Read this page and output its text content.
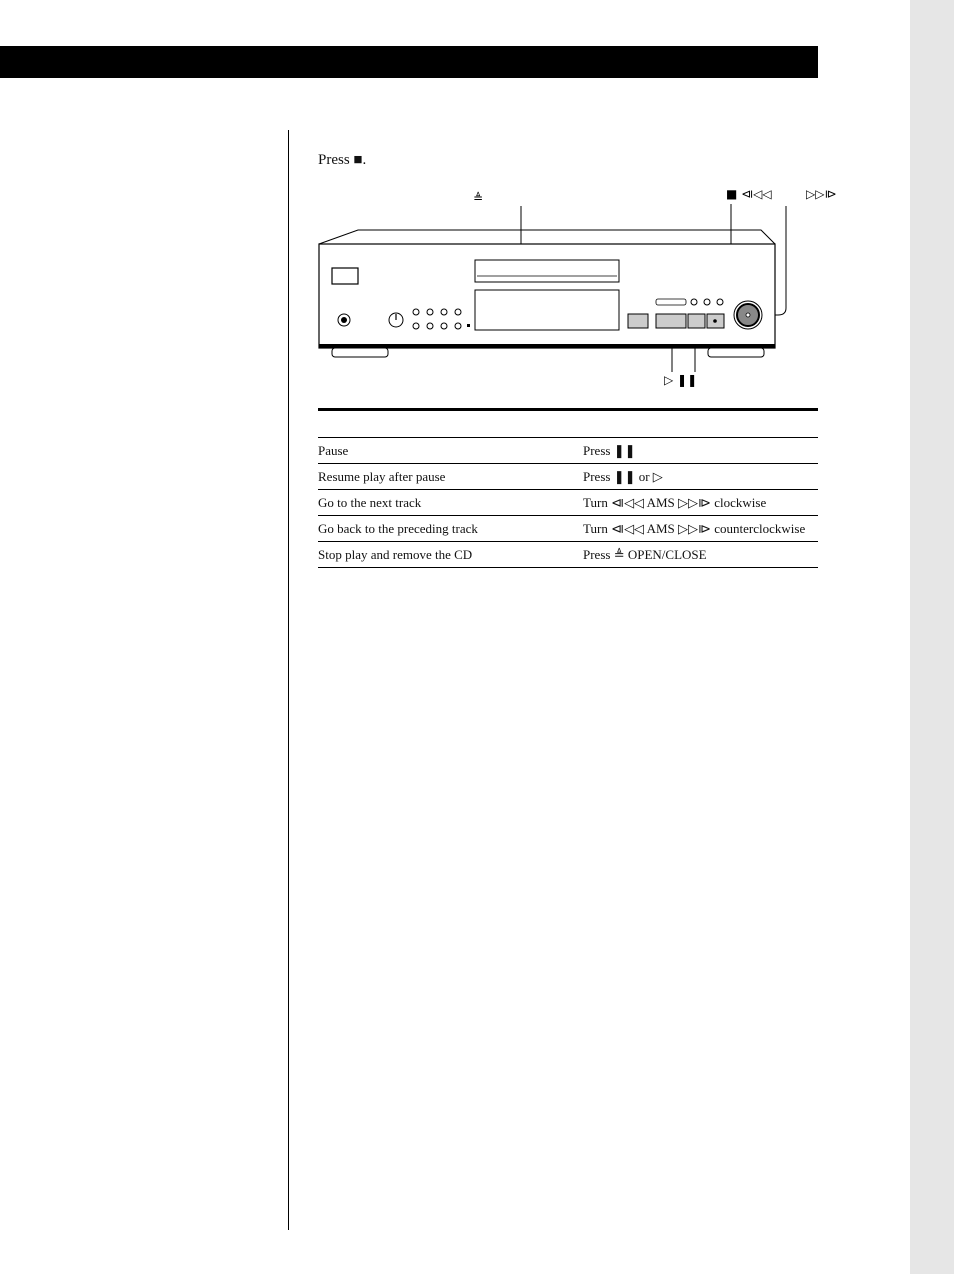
Press ■.
≜	■ ⧏◁◁	▷▷⧐
▷ ❚❚
Pause	Press ❚❚
Resume play after pause	Press ❚❚ or ▷
Go to the next track	Turn ⧏◁◁ AMS ▷▷⧐ clockwise
Go back to the preceding track	Turn ⧏◁◁ AMS ▷▷⧐ counterclockwise
Stop play and remove the CD	Press ≜ OPEN/CLOSE
